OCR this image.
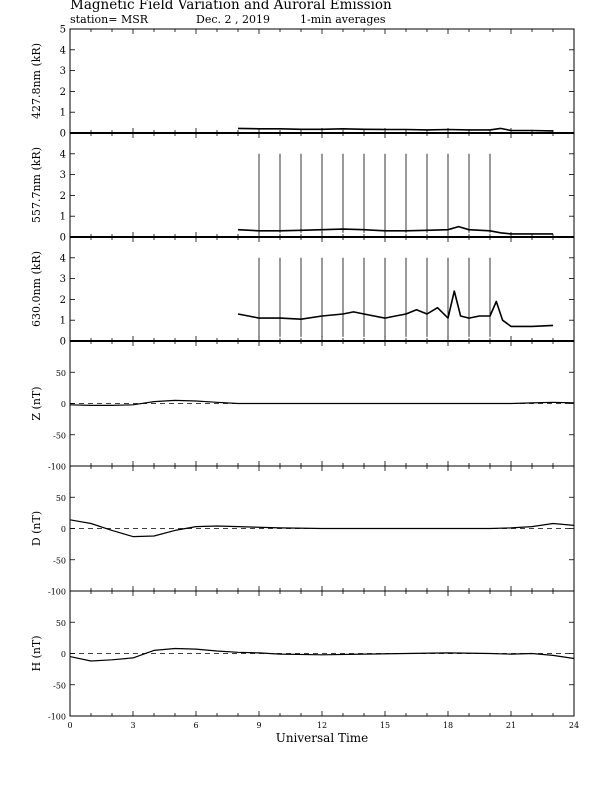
Magnetic Field Variation and Auroral Emission
station= MSR	Dec. 2 , 2019	1-min averages
0
1
2
3
4
5
427.8nm (kR)
0
1
2
3
4
557.7nm (kR)
0
1
2
3
4
630.0nm (kR)
-100
-50
0
50
Z (nT)
-100
-50
0
50
D (nT)
-100
-50
0
50
H (nT)
0	3	6	9	12	15	18	21	24
Universal Time
